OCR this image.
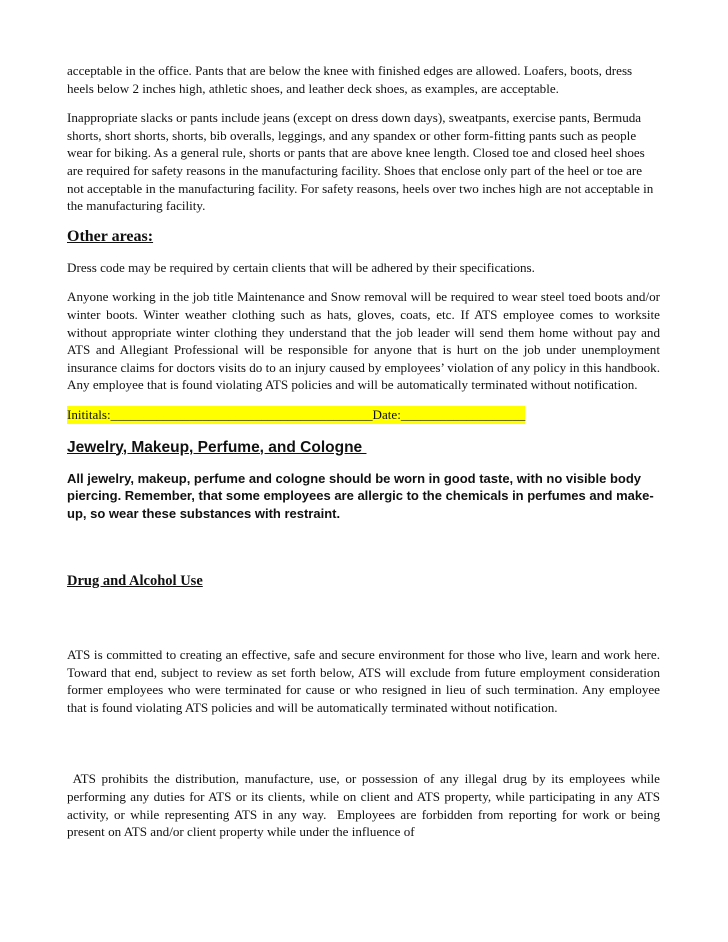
acceptable in the office. Pants that are below the knee with finished edges are allowed. Loafers, boots, dress heels below 2 inches high, athletic shoes, and leather deck shoes, as examples, are acceptable.

Inappropriate slacks or pants include jeans (except on dress down days), sweatpants, exercise pants, Bermuda shorts, short shorts, shorts, bib overalls, leggings, and any spandex or other form-fitting pants such as people wear for biking. As a general rule, shorts or pants that are above knee length. Closed toe and closed heel shoes are required for safety reasons in the manufacturing facility. Shoes that enclose only part of the heel or toe are not acceptable in the manufacturing facility. For safety reasons, heels over two inches high are not acceptable in the manufacturing facility.

Other areas:

Dress code may be required by certain clients that will be adhered by their specifications.

Anyone working in the job title Maintenance and Snow removal will be required to wear steel toed boots and/or winter boots. Winter weather clothing such as hats, gloves, coats, etc. If ATS employee comes to worksite without appropriate winter clothing they understand that the job leader will send them home without pay and ATS and Allegiant Professional will be responsible for anyone that is hurt on the job under unemployment insurance claims for doctors visits do to an injury caused by employees’ violation of any policy in this handbook. Any employee that is found violating ATS policies and will be automatically terminated without notification.

Inititals:________________________________________Date:___________________

Jewelry, Makeup, Perfume, and Cologne

All jewelry, makeup, perfume and cologne should be worn in good taste, with no visible body piercing. Remember, that some employees are allergic to the chemicals in perfumes and make-up, so wear these substances with restraint.

Drug and Alcohol Use

ATS is committed to creating an effective, safe and secure environment for those who live, learn and work here. Toward that end, subject to review as set forth below, ATS will exclude from future employment consideration former employees who were terminated for cause or who resigned in lieu of such termination. Any employee that is found violating ATS policies and will be automatically terminated without notification.

ATS prohibits the distribution, manufacture, use, or possession of any illegal drug by its employees while performing any duties for ATS or its clients, while on client and ATS property, while participating in any ATS activity, or while representing ATS in any way.  Employees are forbidden from reporting for work or being present on ATS and/or client property while under the influence of
